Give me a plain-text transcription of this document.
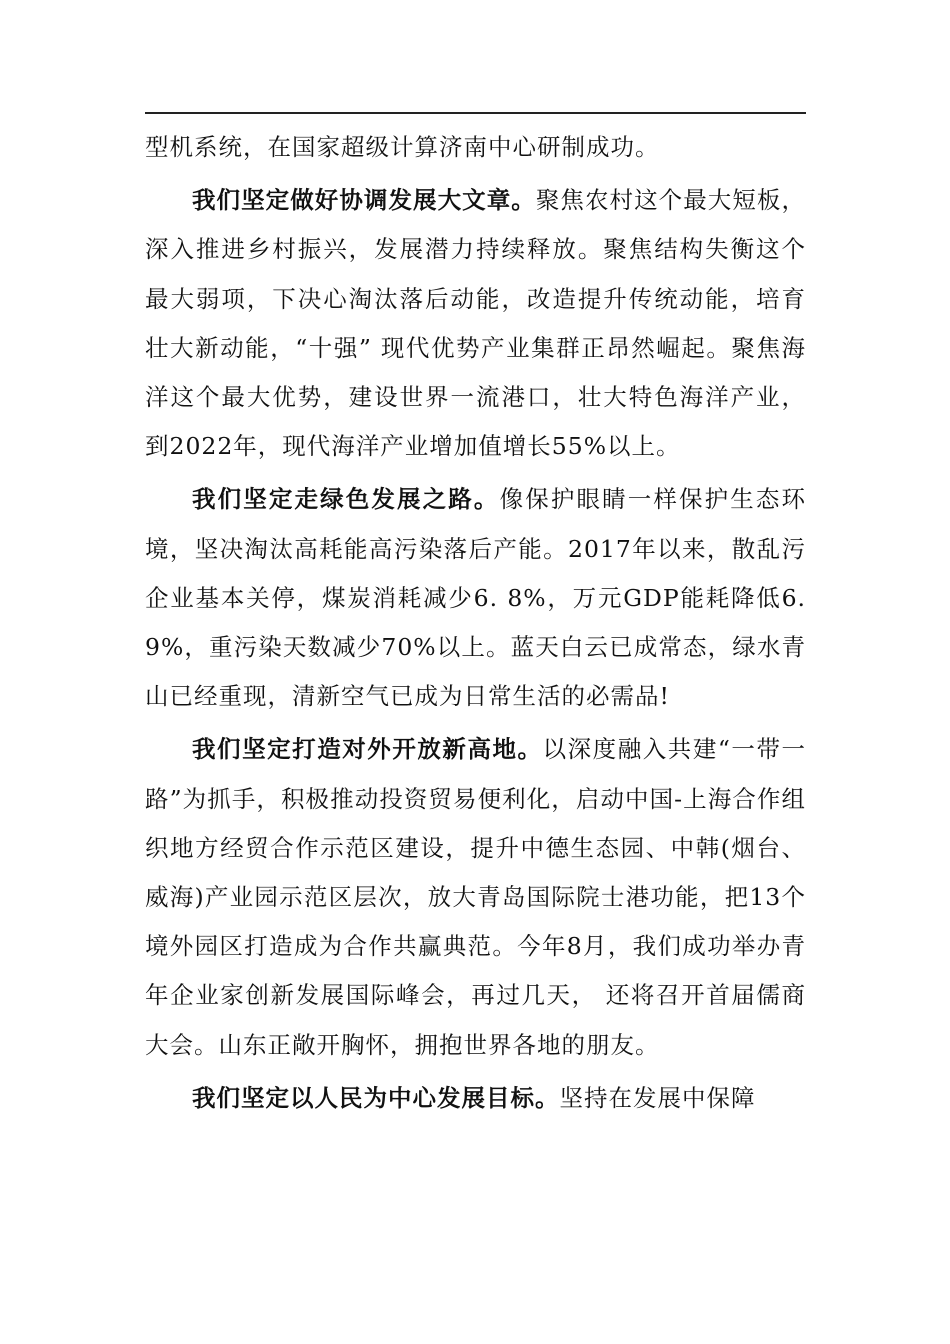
型机系统，在国家超级计算济南中心研制成功。

我们坚定做好协调发展大文章。聚焦农村这个最大短板，深入推进乡村振兴，发展潜力持续释放。聚焦结构失衡这个最大弱项，下决心淘汰落后动能，改造提升传统动能，培育壮大新动能，“十强” 现代优势产业集群正昂然崛起。聚焦海洋这个最大优势，建设世界一流港口，壮大特色海洋产业，到2022年，现代海洋产业增加值增长55%以上。

我们坚定走绿色发展之路。像保护眼睛一样保护生态环境，坚决淘汰高耗能高污染落后产能。2017年以来，散乱污企业基本关停，煤炭消耗减少6. 8%，万元GDP能耗降低6. 9%，重污染天数减少70%以上。蓝天白云已成常态，绿水青山已经重现，清新空气已成为日常生活的必需品!

我们坚定打造对外开放新高地。以深度融入共建“一带一路”为抓手，积极推动投资贸易便利化，启动中国-上海合作组织地方经贸合作示范区建设，提升中德生态园、中韩(烟台、威海)产业园示范区层次，放大青岛国际院士港功能，把13个境外园区打造成为合作共赢典范。今年8月，我们成功举办青年企业家创新发展国际峰会，再过几天， 还将召开首届儒商大会。山东正敞开胸怀，拥抱世界各地的朋友。

我们坚定以人民为中心发展目标。坚持在发展中保障
